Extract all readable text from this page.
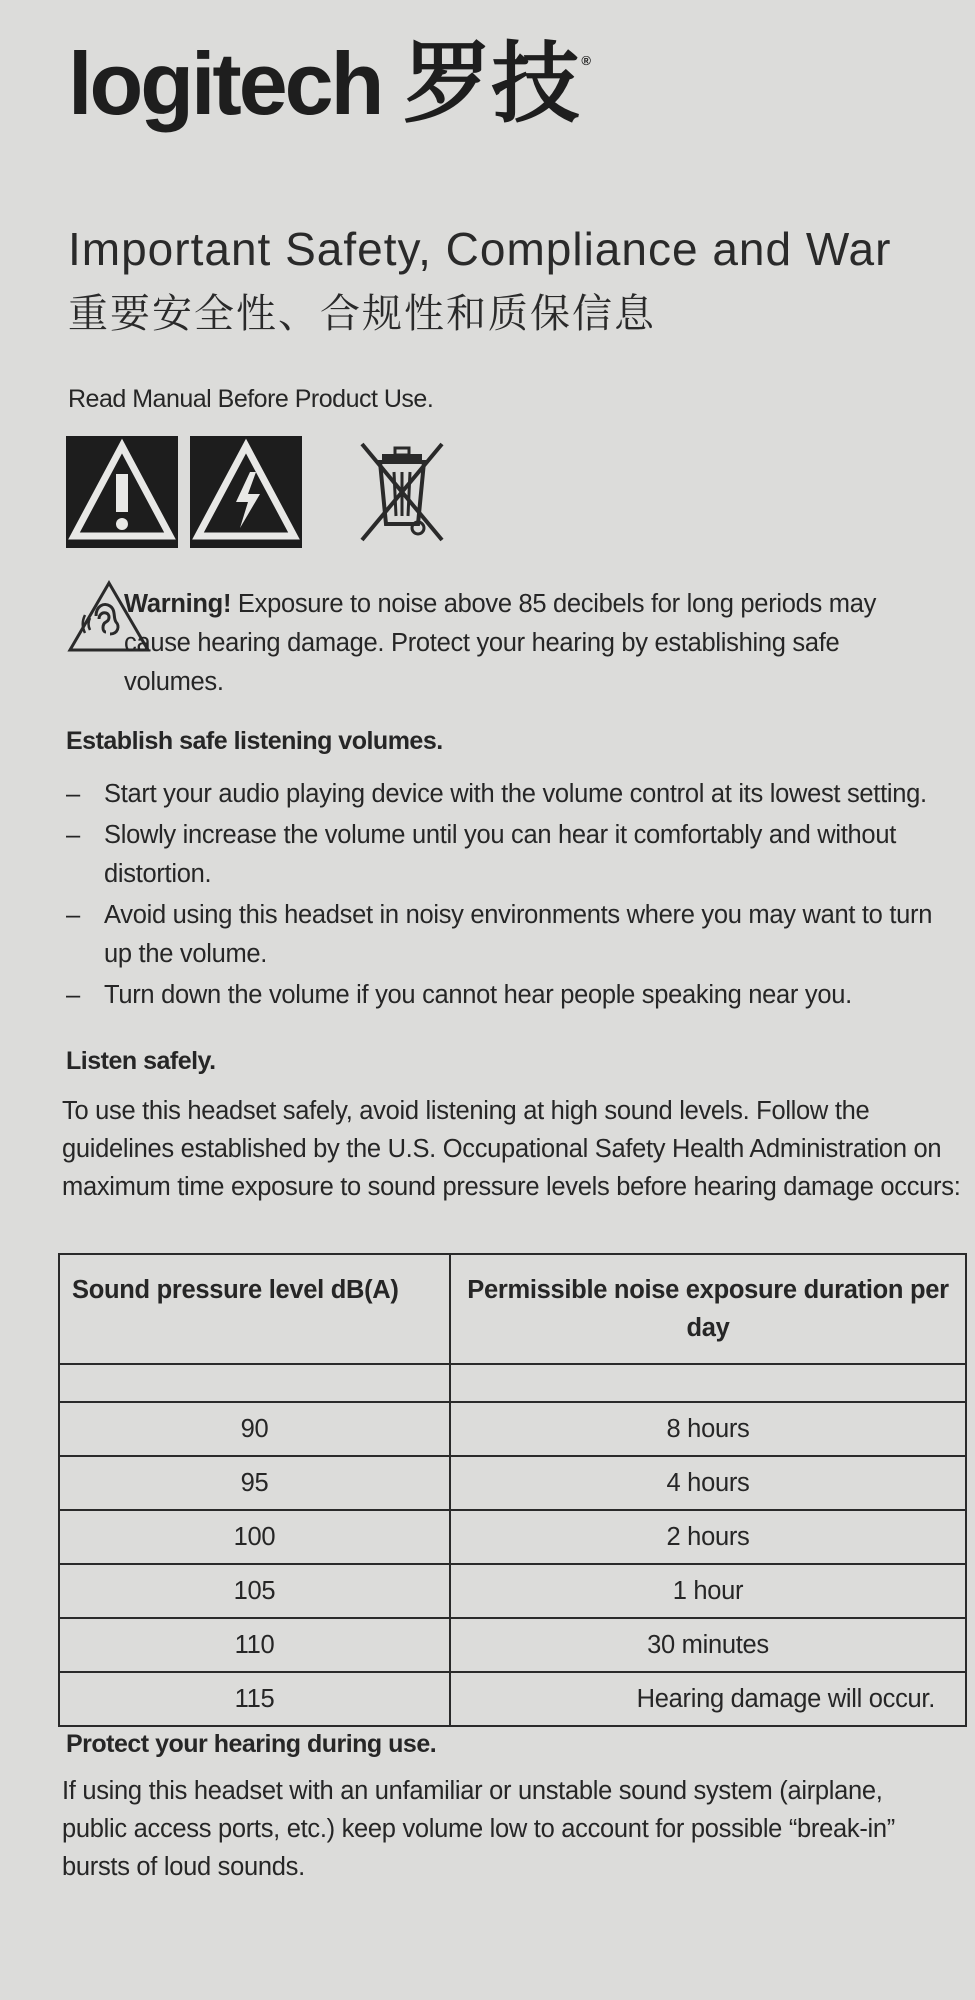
logitech 罗技 ®
Important Safety, Compliance and War
重要安全性、合规性和质保信息
Read Manual Before Product Use.
Warning! Exposure to noise above 85 decibels for long periods may cause hearing damage. Protect your hearing by establishing safe volumes.
Establish safe listening volumes.
– Start your audio playing device with the volume control at its lowest setting.
– Slowly increase the volume until you can hear it comfortably and without distortion.
– Avoid using this headset in noisy environments where you may want to turn up the volume.
– Turn down the volume if you cannot hear people speaking near you.
Listen safely.
To use this headset safely, avoid listening at high sound levels. Follow the guidelines established by the U.S. Occupational Safety Health Administration on maximum time exposure to sound pressure levels before hearing damage occurs:
Sound pressure level dB(A)	Permissible noise exposure duration per day

90	8 hours
95	4 hours
100	2 hours
105	1 hour
110	30 minutes
115	Hearing damage will occur.
Protect your hearing during use.
If using this headset with an unfamiliar or unstable sound system (airplane, public access ports, etc.) keep volume low to account for possible “break-in” bursts of loud sounds.
